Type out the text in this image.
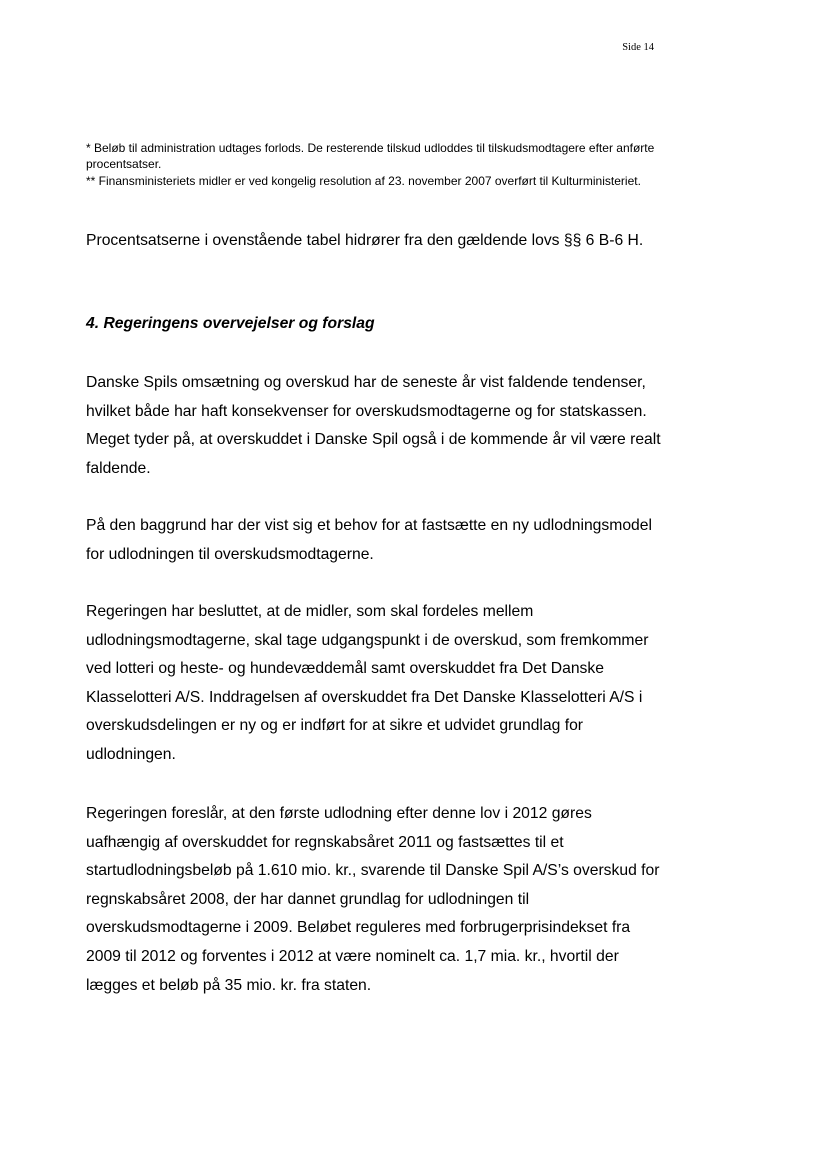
Side 14

* Beløb til administration udtages forlods. De resterende tilskud udloddes til tilskudsmodtagere efter anførte procentsatser.

** Finansministeriets midler er ved kongelig resolution af 23. november 2007 overført til Kulturministeriet.

Procentsatserne i ovenstående tabel hidrører fra den gældende lovs §§ 6 B-6 H.

4. Regeringens overvejelser og forslag

Danske Spils omsætning og overskud har de seneste år vist faldende tendenser, hvilket både har haft konsekvenser for overskudsmodtagerne og for statskassen. Meget tyder på, at overskuddet i Danske Spil også i de kommende år vil være realt faldende.

På den baggrund har der vist sig et behov for at fastsætte en ny udlodningsmodel for udlodningen til overskudsmodtagerne.

Regeringen har besluttet, at de midler, som skal fordeles mellem udlodningsmodtagerne, skal tage udgangspunkt i de overskud, som fremkommer ved lotteri og heste- og hundevæddemål samt overskuddet fra Det Danske Klasselotteri A/S. Inddragelsen af overskuddet fra Det Danske Klasselotteri A/S i overskudsdelingen er ny og er indført for at sikre et udvidet grundlag for udlodningen.

Regeringen foreslår, at den første udlodning efter denne lov i 2012 gøres uafhængig af overskuddet for regnskabsåret 2011 og fastsættes til et startudlodningsbeløb på 1.610 mio. kr., svarende til Danske Spil A/S’s overskud for regnskabsåret 2008, der har dannet grundlag for udlodningen til overskudsmodtagerne i 2009. Beløbet reguleres med forbrugerprisindekset fra 2009 til 2012 og forventes i 2012 at være nominelt ca. 1,7 mia. kr., hvortil der lægges et beløb på 35 mio. kr. fra staten.
